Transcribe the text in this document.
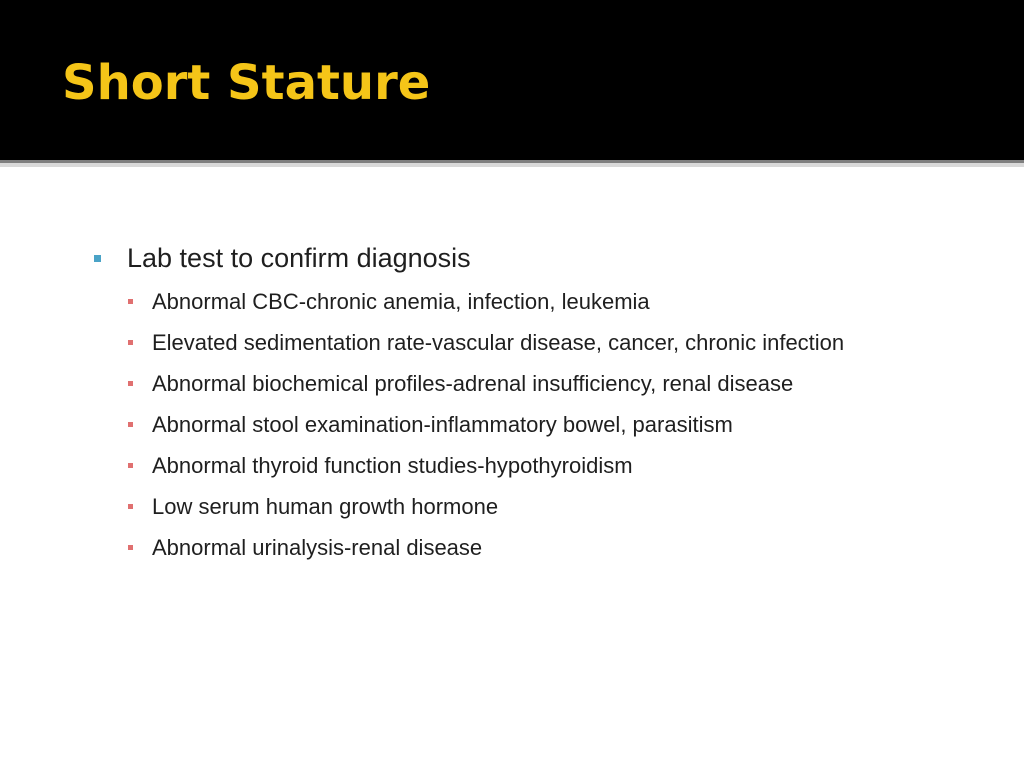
Short Stature
Lab test to confirm diagnosis
Abnormal CBC-chronic anemia, infection, leukemia
Elevated sedimentation rate-vascular disease, cancer, chronic infection
Abnormal biochemical profiles-adrenal insufficiency, renal disease
Abnormal stool examination-inflammatory bowel, parasitism
Abnormal thyroid function studies-hypothyroidism
Low serum human growth hormone
Abnormal urinalysis-renal disease
